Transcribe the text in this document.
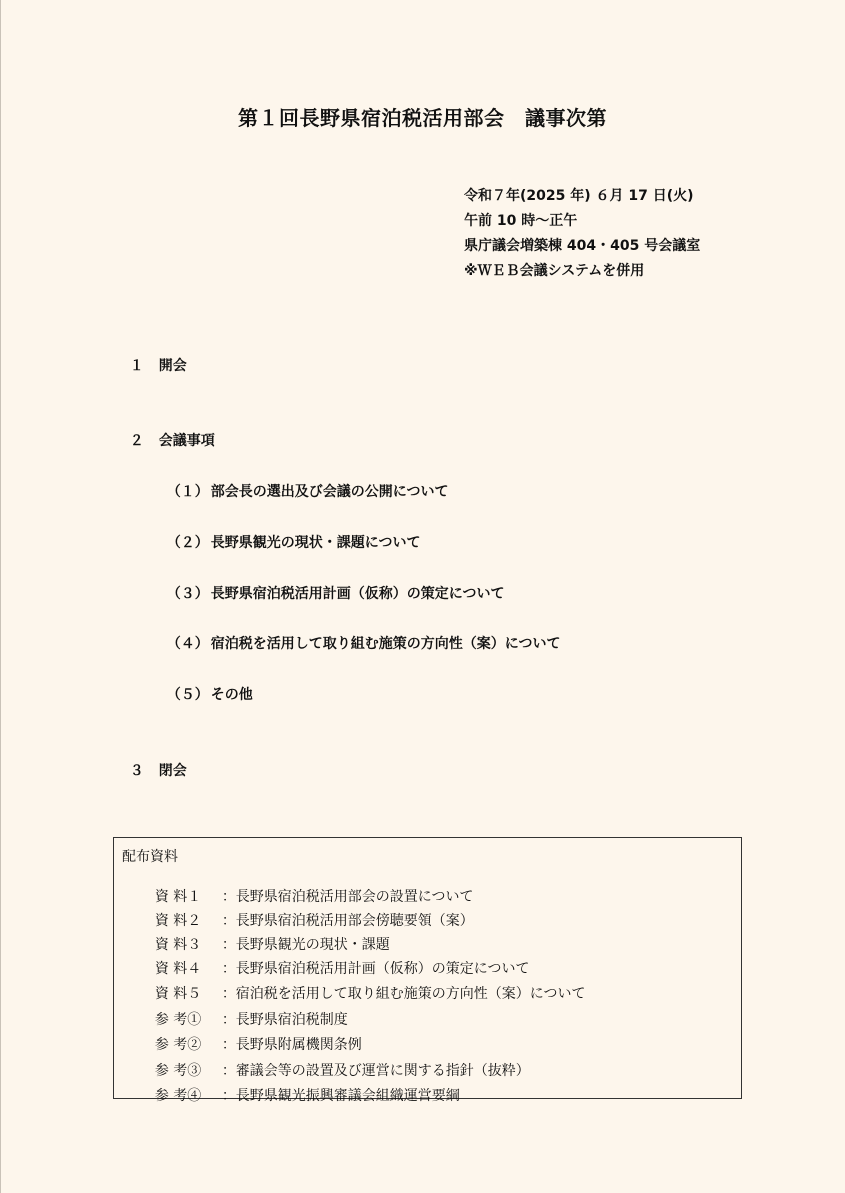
第１回長野県宿泊税活用部会　議事次第
令和７年(2025 年) ６月 17 日(火)
午前 10 時～正午
県庁議会増築棟 404・405 号会議室
※ＷＥＢ会議システムを併用

１ 開会

２ 会議事項

（１） 部会長の選出及び会議の公開について

（２） 長野県観光の現状・課題について

（３） 長野県宿泊税活用計画（仮称）の策定について

（４） 宿泊税を活用して取り組む施策の方向性（案）について

（５） その他

３ 閉会

配布資料

資 料１ ：長野県宿泊税活用部会の設置について

資 料２ ：長野県宿泊税活用部会傍聴要領（案）

資 料３ ：長野県観光の現状・課題

資 料４ ：長野県宿泊税活用計画（仮称）の策定について

資 料５ ：宿泊税を活用して取り組む施策の方向性（案）について

参 考① ：長野県宿泊税制度

参 考② ：長野県附属機関条例

参 考③ ：審議会等の設置及び運営に関する指針（抜粋）

参 考④ ：長野県観光振興審議会組織運営要綱
